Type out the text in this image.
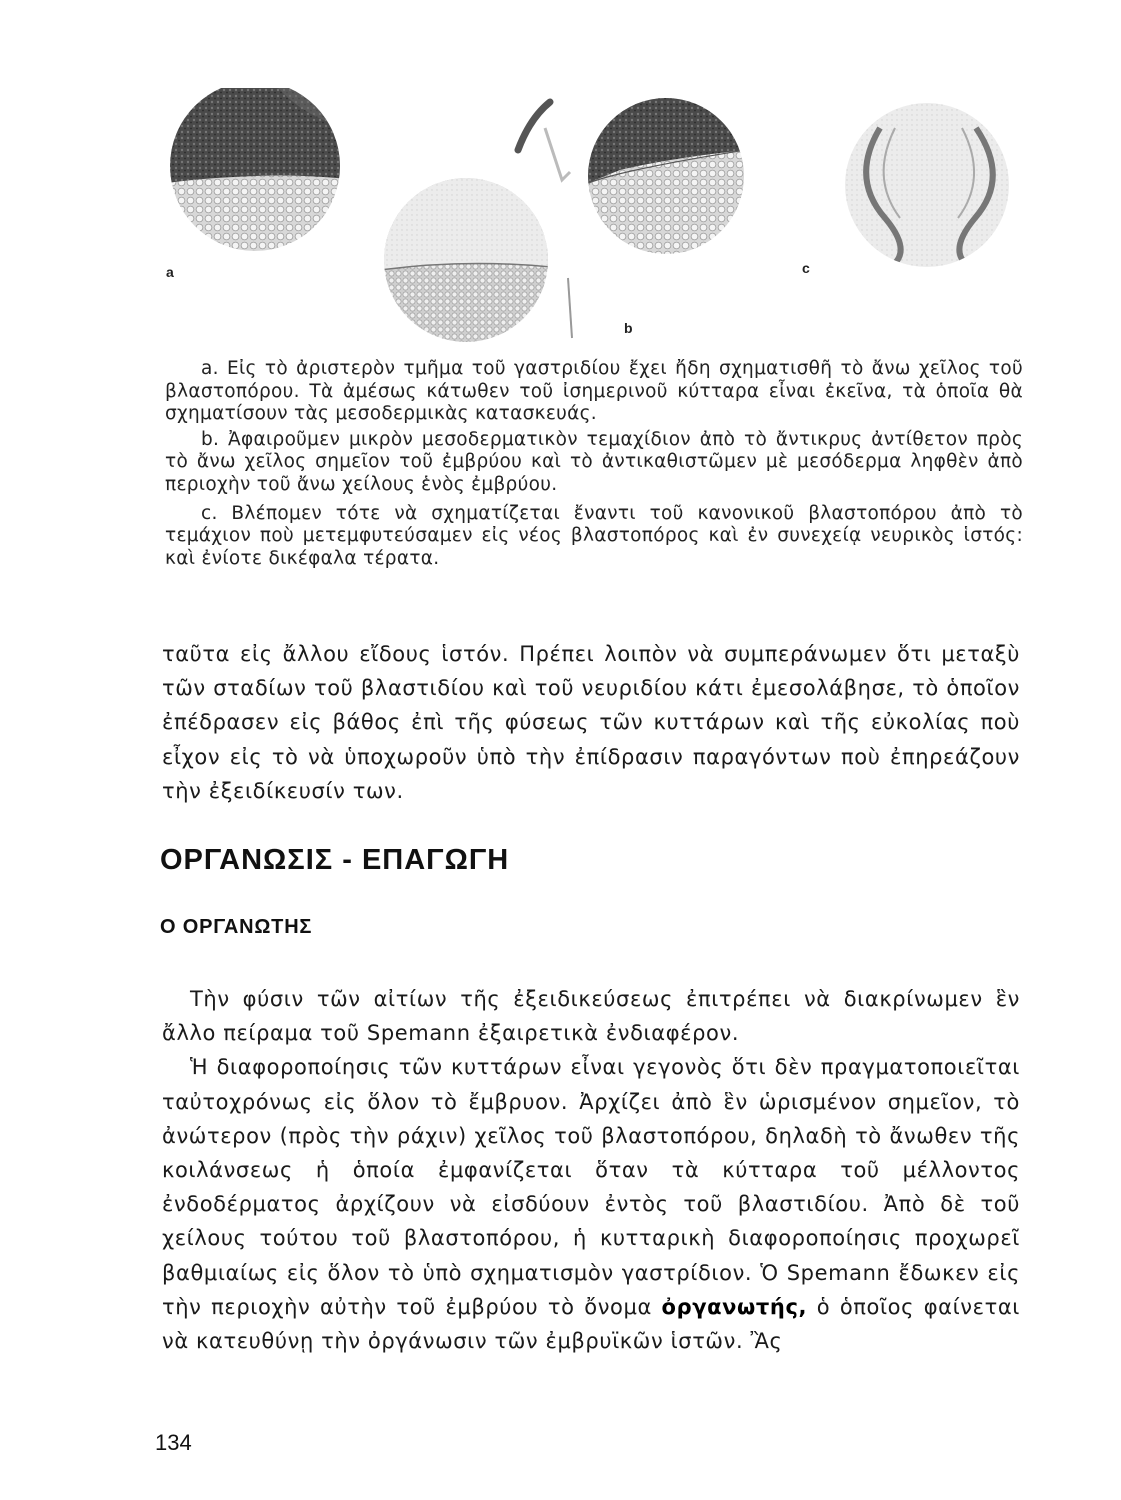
a
b
c

a. Εἰς τὸ ἀριστερὸν τμῆμα τοῦ γαστριδίου ἔχει ἤδη σχηματισθῆ τὸ ἄνω χεῖλος τοῦ βλαστοπόρου. Τὰ ἀμέσως κάτωθεν τοῦ ἰσημερινοῦ κύτταρα εἶναι ἐκεῖνα, τὰ ὁποῖα θὰ σχηματίσουν τὰς μεσοδερμικὰς κατασκευάς.

b. Ἀφαιροῦμεν μικρὸν μεσοδερματικὸν τεμαχίδιον ἀπὸ τὸ ἄντικρυς ἀντίθετον πρὸς τὸ ἄνω χεῖλος σημεῖον τοῦ ἐμβρύου καὶ τὸ ἀντικαθιστῶμεν μὲ μεσόδερμα ληφθὲν ἀπὸ περιοχὴν τοῦ ἄνω χείλους ἑνὸς ἐμβρύου.

c. Βλέπομεν τότε νὰ σχηματίζεται ἔναντι τοῦ κανονικοῦ βλαστοπόρου ἀπὸ τὸ τεμάχιον ποὺ μετεμφυτεύσαμεν εἰς νέος βλαστοπόρος καὶ ἐν συνεχείᾳ νευρικὸς ἱστός: καὶ ἐνίοτε δικέφαλα τέρατα.

ταῦτα εἰς ἄλλου εἴδους ἱστόν. Πρέπει λοιπὸν νὰ συμπεράνωμεν ὅτι μεταξὺ τῶν σταδίων τοῦ βλαστιδίου καὶ τοῦ νευριδίου κάτι ἐμεσολάβησε, τὸ ὁποῖον ἐπέδρασεν εἰς βάθος ἐπὶ τῆς φύσεως τῶν κυττάρων καὶ τῆς εὐκολίας ποὺ εἶχον εἰς τὸ νὰ ὑποχωροῦν ὑπὸ τὴν ἐπίδρασιν παραγόντων ποὺ ἐπηρεάζουν τὴν ἐξειδίκευσίν των.

ΟΡΓΑΝΩΣΙΣ - ΕΠΑΓΩΓΗ
Ο ΟΡΓΑΝΩΤΗΣ

Τὴν φύσιν τῶν αἰτίων τῆς ἐξειδικεύσεως ἐπιτρέπει νὰ διακρίνωμεν ἓν ἄλλο πείραμα τοῦ Spemann ἐξαιρετικὰ ἐνδιαφέρον.
Ἡ διαφοροποίησις τῶν κυττάρων εἶναι γεγονὸς ὅτι δὲν πραγματοποιεῖται ταὐτοχρόνως εἰς ὅλον τὸ ἔμβρυον. Ἀρχίζει ἀπὸ ἓν ὡρισμένον σημεῖον, τὸ ἀνώτερον (πρὸς τὴν ράχιν) χεῖλος τοῦ βλαστοπόρου, δηλαδὴ τὸ ἄνωθεν τῆς κοιλάνσεως ἡ ὁποία ἐμφανίζεται ὅταν τὰ κύτταρα τοῦ μέλλοντος ἐνδοδέρματος ἀρχίζουν νὰ εἰσδύουν ἐντὸς τοῦ βλαστιδίου. Ἀπὸ δὲ τοῦ χείλους τούτου τοῦ βλαστοπόρου, ἡ κυτταρικὴ διαφοροποίησις προχωρεῖ βαθμιαίως εἰς ὅλον τὸ ὑπὸ σχηματισμὸν γαστρίδιον. Ὁ Spemann ἔδωκεν εἰς τὴν περιοχὴν αὐτὴν τοῦ ἐμβρύου τὸ ὄνομα ὀργανωτής, ὁ ὁποῖος φαίνεται νὰ κατευθύνῃ τὴν ὀργάνωσιν τῶν ἐμβρυϊκῶν ἱστῶν. Ἂς

134
